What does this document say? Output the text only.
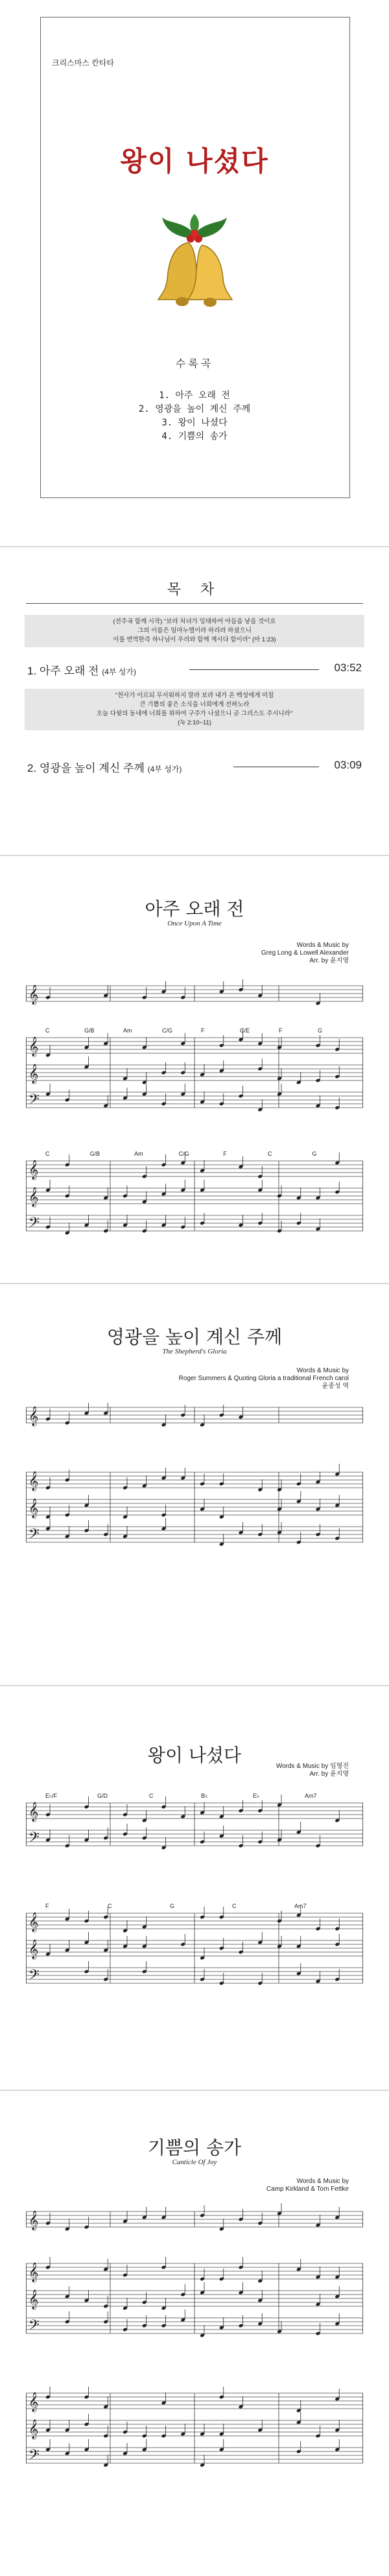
크리스마스 칸타타
왕이 나셨다
수록곡
1. 아주 오래 전
2. 영광을 높이 계신 주께
3. 왕이 나셨다
4. 기쁨의 송가
목 차
(전주곡 함께 시작) "보라 처녀가 잉태하여 아들을 낳을 것이요
그의 이름은 임마누엘이라 하리라 하셨으니
이를 번역한즉 하나님이 우리와 함께 계시다 함이라" (마 1:23)
1. 아주 오래 전 (4부 성가)	03:52
"천사가 이르되 무서워하지 말라 보라 내가 온 백성에게 미칠
큰 기쁨의 좋은 소식을 너희에게 전하노라
오늘 다윗의 동네에 너희를 위하여 구주가 나셨으니 곧 그리스도 주시니라"
(눅 2:10~11)
2. 영광을 높이 계신 주께 (4부 성가)	03:09
아주 오래 전
Once Upon A Time
Words & Music by
Greg Long & Lowell Alexander
Arr. by 윤지영
𝄞
𝄞
𝄞
𝄢
C	G/B	Am	C/G	F	C/E	F	G
𝄞
𝄞
𝄢
C	G/B	Am	C/G	F	C	G
영광을 높이 계신 주께
The Shepherd's Gloria
Words & Music by
Roger Summers & Quoting Gloria a traditional French carol
윤종성 역
𝄞
𝄞
𝄞
𝄢
왕이 나셨다
Words & Music by 임형진
Arr. by 윤지영
𝄞
𝄢
E♭/F	G/D	C	B♭	E♭	Am7
𝄞
𝄞
𝄢
F	C	G	C	Am7
기쁨의 송가
Canticle Of Joy
Words & Music by
Camp Kirkland & Tom Fettke
𝄞
𝄞
𝄞
𝄢
𝄞
𝄞
𝄢
